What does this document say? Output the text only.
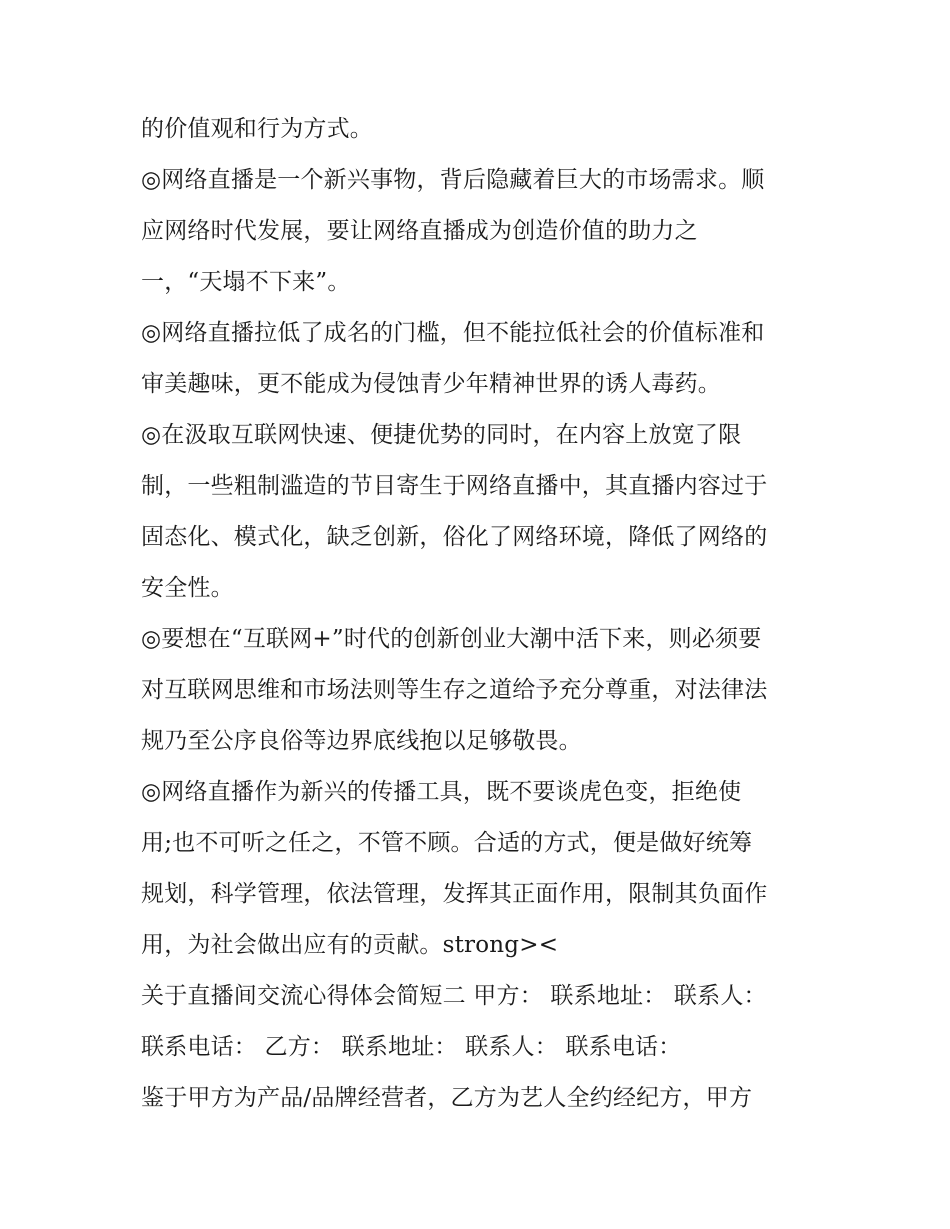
的价值观和行为方式。
◎网络直播是一个新兴事物，背后隐藏着巨大的市场需求。顺
应网络时代发展，要让网络直播成为创造价值的助力之
一，“天塌不下来”。
◎网络直播拉低了成名的门槛，但不能拉低社会的价值标准和
审美趣味，更不能成为侵蚀青少年精神世界的诱人毒药。
◎在汲取互联网快速、便捷优势的同时，在内容上放宽了限
制，一些粗制滥造的节目寄生于网络直播中，其直播内容过于
固态化、模式化，缺乏创新，俗化了网络环境，降低了网络的
安全性。
◎要想在“互联网+”时代的创新创业大潮中活下来，则必须要
对互联网思维和市场法则等生存之道给予充分尊重，对法律法
规乃至公序良俗等边界底线抱以足够敬畏。
◎网络直播作为新兴的传播工具，既不要谈虎色变，拒绝使
用;也不可听之任之，不管不顾。合适的方式，便是做好统筹
规划，科学管理，依法管理，发挥其正面作用，限制其负面作
用，为社会做出应有的贡献。strong><
关于直播间交流心得体会简短二 甲方： 联系地址： 联系人：
联系电话： 乙方： 联系地址： 联系人： 联系电话：
鉴于甲方为产品/品牌经营者，乙方为艺人全约经纪方，甲方
